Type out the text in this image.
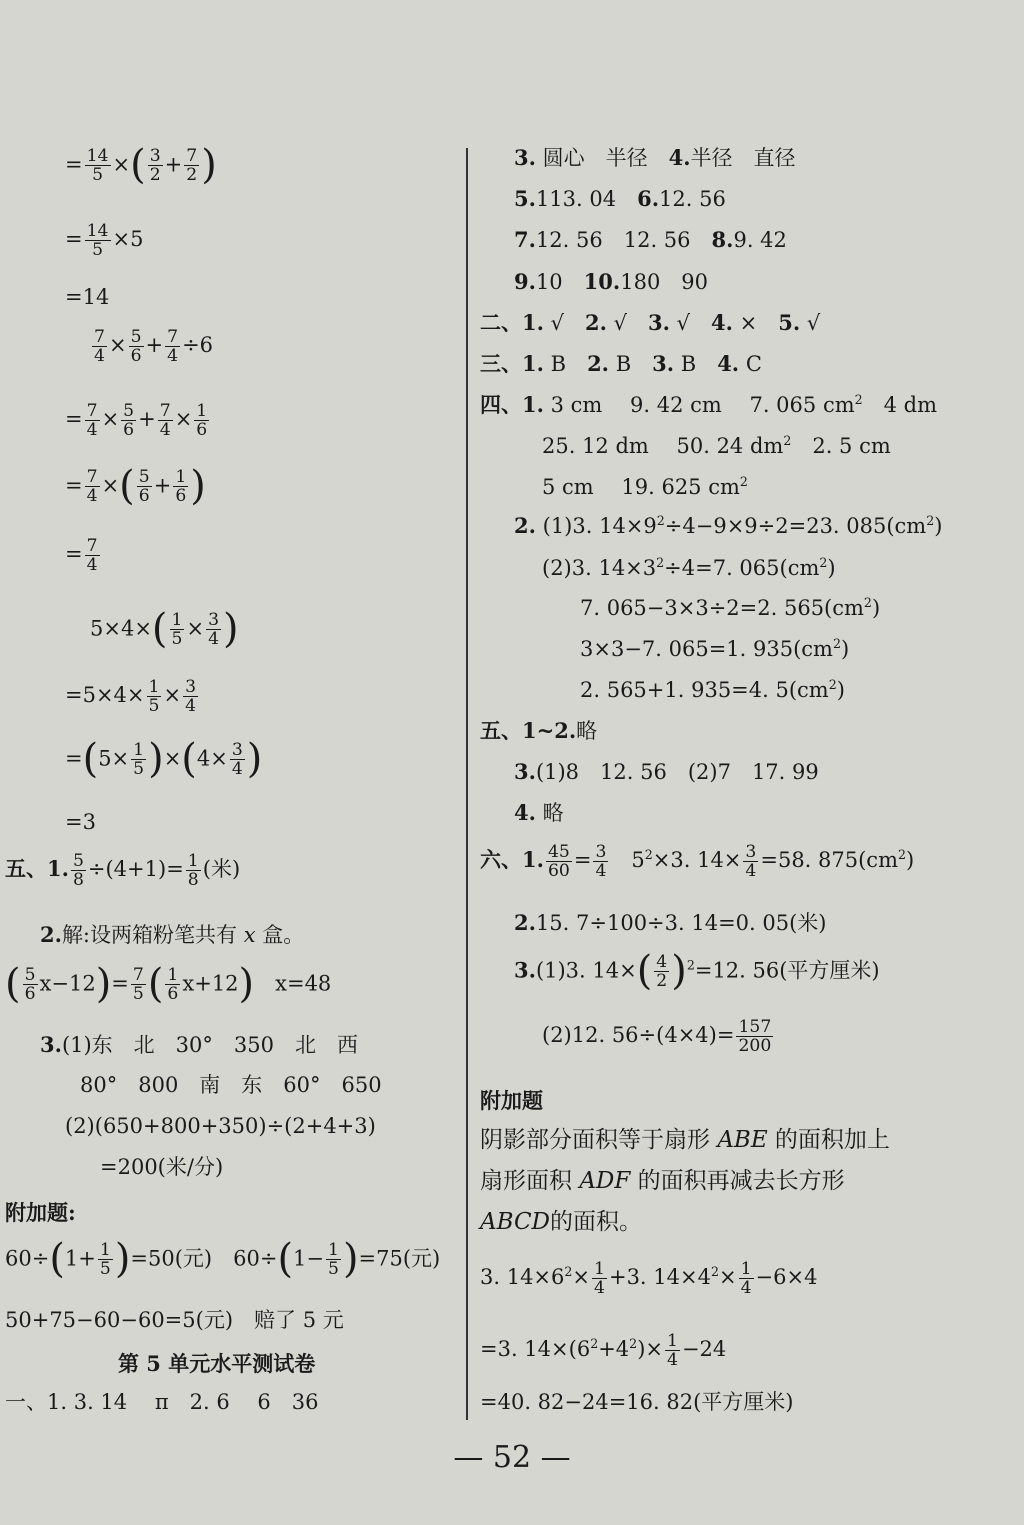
= $\frac{14}{5}$ ×( $\frac{3}{2} + \frac{7}{2}$ )
= $\frac{14}{5} \times 5$
=14
$\frac{7}{4} \times \frac{5}{6} + \frac{7}{4} \div 6$
= $\frac{7}{4} \times \frac{5}{6} + \frac{7}{4} \times \frac{1}{6}$
= $\frac{7}{4}$ ×( $\frac{5}{6} + \frac{1}{6}$ )
= $\frac{7}{4}$
$5\times 4\times( \frac{1}{5} \times \frac{3}{4}$ )
$=5\times 4\times \frac{1}{5} \times \frac{3}{4}$
$=(5\times \frac{1}{5} )\times(4\times \frac{3}{4}$ )
=3
五、1. $\frac{5}{8} \div(4+1)= \frac{1}{8}$ (米)
2.解:设两箱粉笔共有 x 盒。
( $\frac{5}{6} x-12)= \frac{7}{5}$ ( $\frac{1}{6} x+12$)　 x=48
3.(1)东　北　30°　350　北　西
80°　800　南　东　60°　650
(2)(650+800+350)÷(2+4+3)
=200(米/分)
附加题:
$60\div(1+ \frac{1}{5} )=50$(元)　$60\div(1- \frac{1}{5} )=75$(元)
50+75−60−60=5(元)　赔了 5 元
第 5 单元水平测试卷
一、1. 3. 14　 π　2. 6　 6　36
3. 圆心　半径　 4.半径　直径
5.113. 04　 6.12. 56
7.12. 56　12. 56　 8.9. 42
9.10　 10.180　90
二、1. √　 2. √　 3. √　 4. ×　 5. √
三、1. B　 2. B　 3. B　 4. C
四、1. 3 cm　 9. 42 cm　 7. 065 $cm^2$　4 dm
25. 12 dm　 50. 24 $dm^2$　2. 5 cm
5 cm　 19. 625 $cm^2$
2. (1)3. $14\times 9^2\div 4-9\times 9\div 2=23$. $085(cm^2)$
(2)3. $14\times 3^2\div 4=7$. $065(cm^2)$
7. 065−3×3÷2=2. $565(cm^2)$
3×3−7. 065=1. $935(cm^2)$
2. 565+1. 935=4. $5(cm^2)$
五、1~2.略
3.(1)8　12. 56　(2)7　17. 99
4. 略
六、1. $\frac{45}{60} = \frac{3}{4}$ 　$5^2\times 3$. $14\times \frac{3}{4} =58$. $875(cm^2)$
2.15. 7÷100÷3. 14=0. 05(米)
3.(1)3. $14\times( \frac{4}{2} )^2=12$. 56(平方厘米)
(2)12. $56\div(4\times 4)= \frac{157}{200}$
附加题
阴影部分面积等于扇形 ABE 的面积加上
扇形面积 ADF 的面积再减去长方形
ABCD的面积。
3. $14\times 6^2\times \frac{1}{4} +3$. $14\times 4^2\times \frac{1}{4} -6\times 4$
=3. $14\times(6^2+4^2)\times \frac{1}{4} -24$
=40. 82−24=16. 82(平方厘米)
— 52 —
